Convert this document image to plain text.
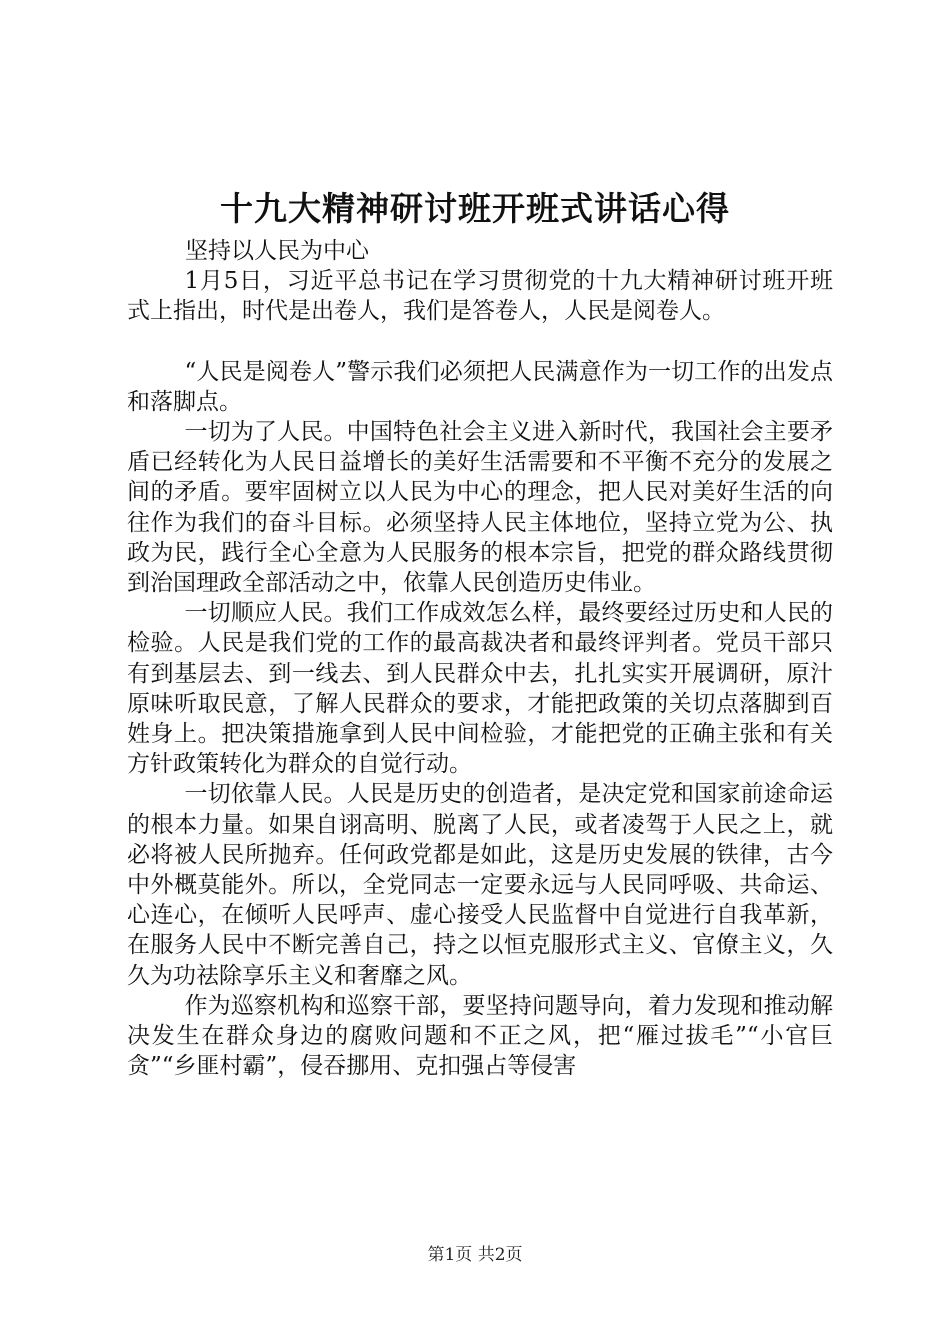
十九大精神研讨班开班式讲话心得

坚持以人民为中心

1月5日，习近平总书记在学习贯彻党的十九大精神研讨班开班式上指出，时代是出卷人，我们是答卷人，人民是阅卷人。

“人民是阅卷人”警示我们必须把人民满意作为一切工作的出发点和落脚点。

一切为了人民。中国特色社会主义进入新时代，我国社会主要矛盾已经转化为人民日益增长的美好生活需要和不平衡不充分的发展之间的矛盾。要牢固树立以人民为中心的理念，把人民对美好生活的向往作为我们的奋斗目标。必须坚持人民主体地位，坚持立党为公、执政为民，践行全心全意为人民服务的根本宗旨，把党的群众路线贯彻到治国理政全部活动之中，依靠人民创造历史伟业。

一切顺应人民。我们工作成效怎么样，最终要经过历史和人民的检验。人民是我们党的工作的最高裁决者和最终评判者。党员干部只有到基层去、到一线去、到人民群众中去，扎扎实实开展调研，原汁原味听取民意，了解人民群众的要求，才能把政策的关切点落脚到百姓身上。把决策措施拿到人民中间检验，才能把党的正确主张和有关方针政策转化为群众的自觉行动。

一切依靠人民。人民是历史的创造者，是决定党和国家前途命运的根本力量。如果自诩高明、脱离了人民，或者凌驾于人民之上，就必将被人民所抛弃。任何政党都是如此，这是历史发展的铁律，古今中外概莫能外。所以，全党同志一定要永远与人民同呼吸、共命运、心连心，在倾听人民呼声、虚心接受人民监督中自觉进行自我革新，在服务人民中不断完善自己，持之以恒克服形式主义、官僚主义，久久为功祛除享乐主义和奢靡之风。

作为巡察机构和巡察干部，要坚持问题导向，着力发现和推动解决发生在群众身边的腐败问题和不正之风，把“雁过拔毛”“小官巨贪”“乡匪村霸”，侵吞挪用、克扣强占等侵害

第1页 共2页
